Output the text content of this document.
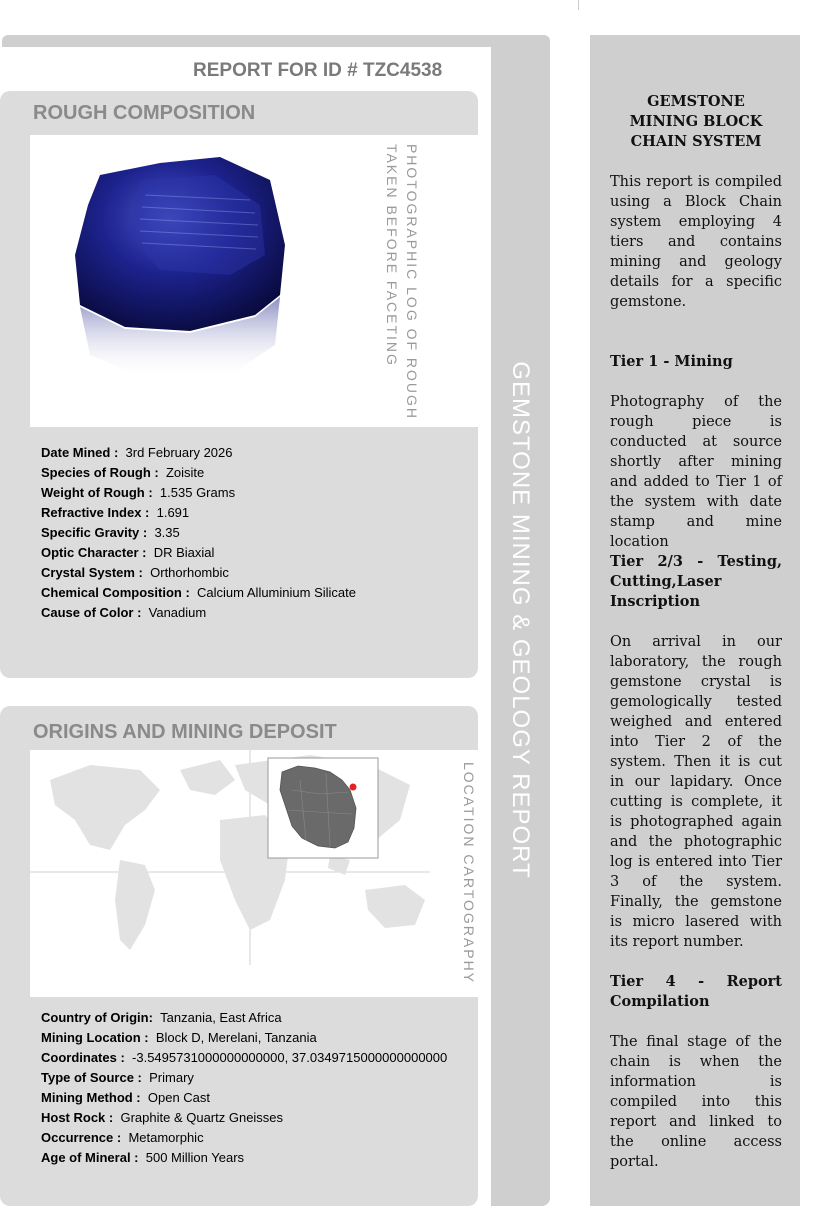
GEMSTONE MINING & GEOLOGY REPORT
REPORT FOR ID # TZC4538
ROUGH COMPOSITION
PHOTOGRAPHIC LOG OF ROUGH
TAKEN BEFORE FACETING
Date Mined : 3rd February 2026
Species of Rough : Zoisite
Weight of Rough : 1.535 Grams
Refractive Index : 1.691
Specific Gravity : 3.35
Optic Character : DR Biaxial
Crystal System : Orthorhombic
Chemical Composition : Calcium Alluminium Silicate
Cause of Color : Vanadium
ORIGINS AND MINING DEPOSIT
LOCATION CARTOGRAPHY
Country of Origin: Tanzania, East Africa
Mining Location : Block D, Merelani, Tanzania
Coordinates : -3.5495731000000000000, 37.0349715000000000000
Type of Source : Primary
Mining Method : Open Cast
Host Rock : Graphite & Quartz Gneisses
Occurrence : Metamorphic
Age of Mineral : 500 Million Years
GEMSTONE
MINING BLOCK
CHAIN SYSTEM
This report is compiled using a Block Chain system employing 4 tiers and contains mining and geology details for a specific gemstone.
Tier 1 - Mining
Photography of the rough piece is conducted at source shortly after mining and added to Tier 1 of the system with date stamp and mine location
Tier 2/3 - Testing, Cutting,Laser Inscription
On arrival in our laboratory, the rough gemstone crystal is gemologically tested weighed and entered into Tier 2 of the system. Then it is cut in our lapidary. Once cutting is complete, it is photographed again and the photographic log is entered into Tier 3 of the system. Finally, the gemstone is micro lasered with its report number.
Tier 4 - Report Compilation
The final stage of the chain is when the information is compiled into this report and linked to the online access portal.
